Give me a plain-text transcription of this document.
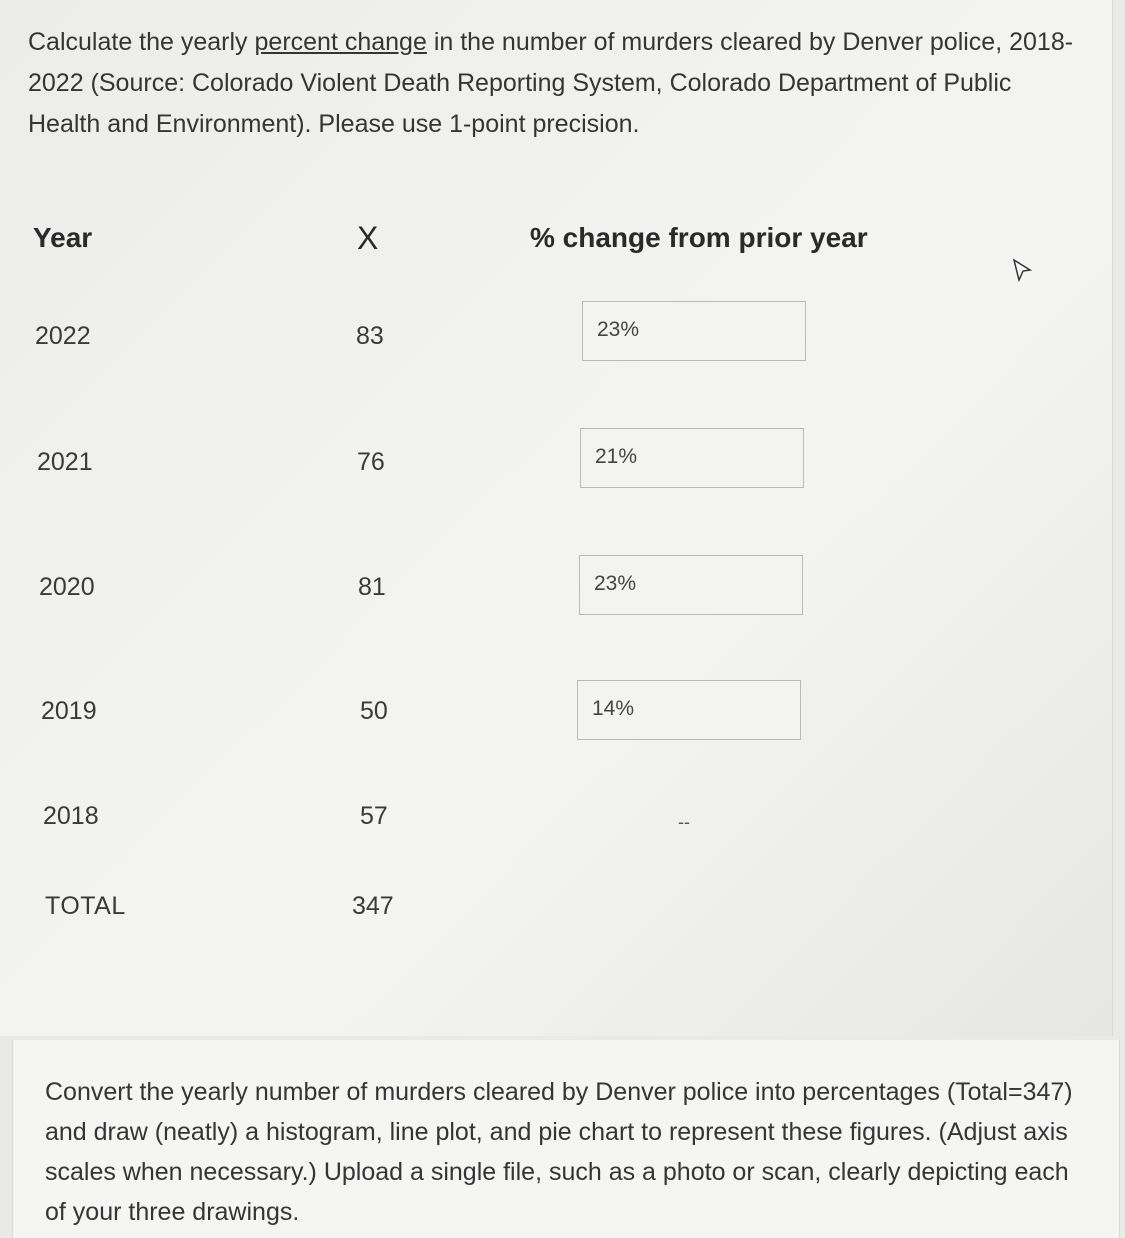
Calculate the yearly percent change in the number of murders cleared by Denver police, 2018-2022 (Source: Colorado Violent Death Reporting System, Colorado Department of Public Health and Environment). Please use 1-point precision.

Year	X	% change from prior year
2022	83	23%
2021	76	21%
2020	81	23%
2019	50	14%
2018	57	--
TOTAL	347

Convert the yearly number of murders cleared by Denver police into percentages (Total=347) and draw (neatly) a histogram, line plot, and pie chart to represent these figures. (Adjust axis scales when necessary.) Upload a single file, such as a photo or scan, clearly depicting each of your three drawings.
